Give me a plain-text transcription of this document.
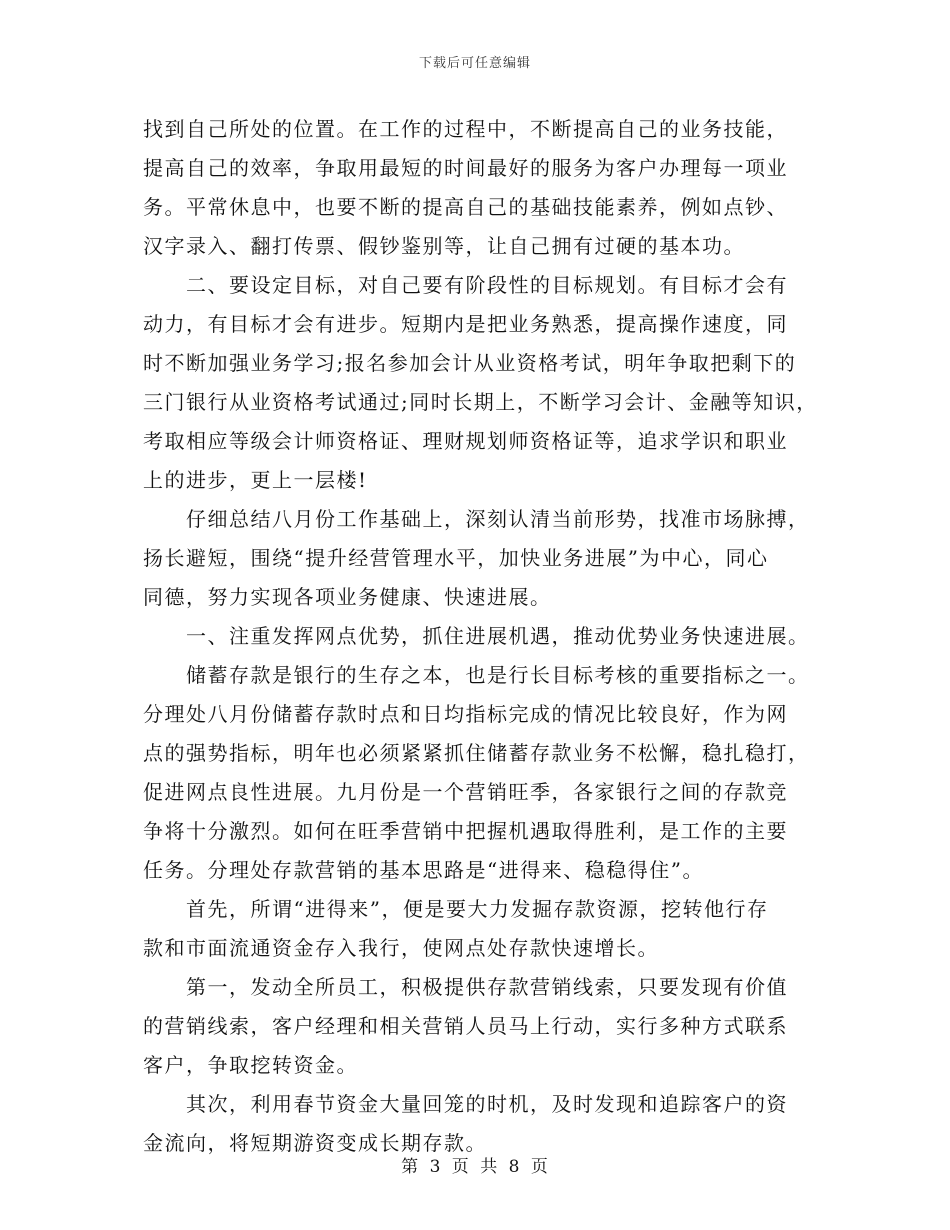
下载后可任意编辑
找到自己所处的位置。在工作的过程中，不断提高自己的业务技能，
提高自己的效率，争取用最短的时间最好的服务为客户办理每一项业
务。平常休息中，也要不断的提高自己的基础技能素养，例如点钞、
汉字录入、翻打传票、假钞鉴别等，让自己拥有过硬的基本功。
　　二、要设定目标，对自己要有阶段性的目标规划。有目标才会有
动力，有目标才会有进步。短期内是把业务熟悉，提高操作速度，同
时不断加强业务学习;报名参加会计从业资格考试，明年争取把剩下的
三门银行从业资格考试通过;同时长期上，不断学习会计、金融等知识，
考取相应等级会计师资格证、理财规划师资格证等，追求学识和职业
上的进步，更上一层楼!
　　仔细总结八月份工作基础上，深刻认清当前形势，找准市场脉搏，
扬长避短，围绕“提升经营管理水平，加快业务进展”为中心，同心
同德，努力实现各项业务健康、快速进展。
　　一、注重发挥网点优势，抓住进展机遇，推动优势业务快速进展。
　　储蓄存款是银行的生存之本，也是行长目标考核的重要指标之一。
分理处八月份储蓄存款时点和日均指标完成的情况比较良好，作为网
点的强势指标，明年也必须紧紧抓住储蓄存款业务不松懈，稳扎稳打，
促进网点良性进展。九月份是一个营销旺季，各家银行之间的存款竞
争将十分激烈。如何在旺季营销中把握机遇取得胜利，是工作的主要
任务。分理处存款营销的基本思路是“进得来、稳稳得住”。
　　首先，所谓“进得来”，便是要大力发掘存款资源，挖转他行存
款和市面流通资金存入我行，使网点处存款快速增长。
　　第一，发动全所员工，积极提供存款营销线索，只要发现有价值
的营销线索，客户经理和相关营销人员马上行动，实行多种方式联系
客户，争取挖转资金。
　　其次，利用春节资金大量回笼的时机，及时发现和追踪客户的资
金流向，将短期游资变成长期存款。
第 3 页 共 8 页
